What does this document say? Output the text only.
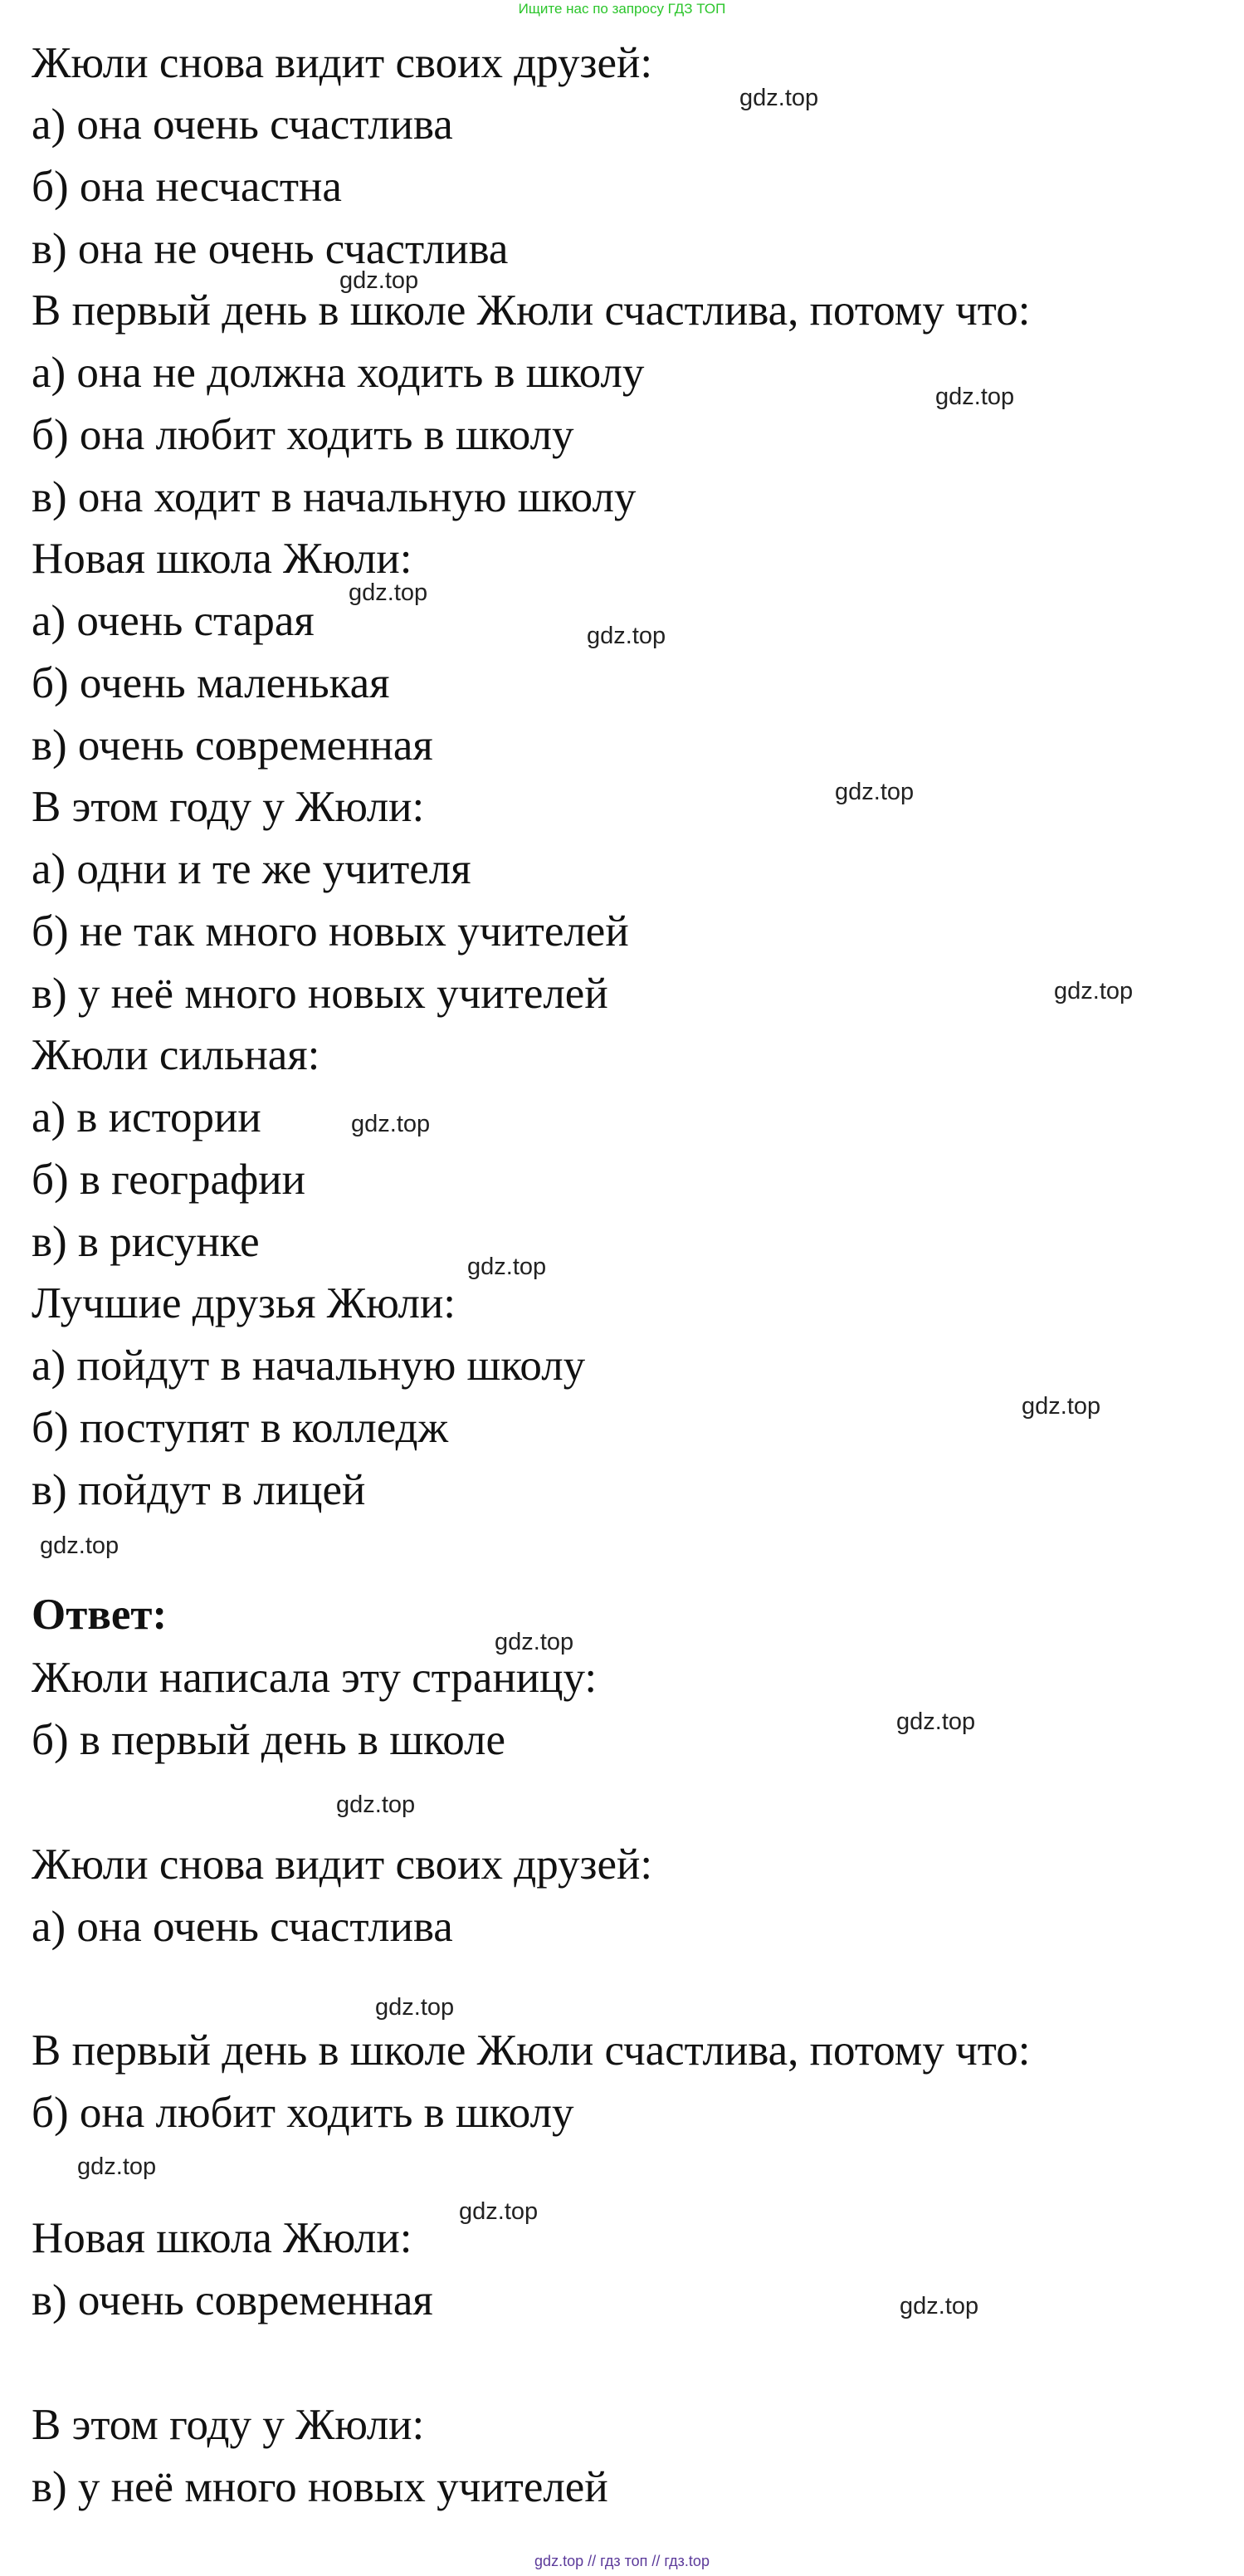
Ищите нас по запросу ГДЗ ТОП
Жюли снова видит своих друзей:
а) она очень счастлива
б) она несчастна
в) она не очень счастлива
В первый день в школе Жюли счастлива, потому что:
а) она не должна ходить в школу
б) она любит ходить в школу
в) она ходит в начальную школу
Новая школа Жюли:
а) очень старая
б) очень маленькая
в) очень современная
В этом году у Жюли:
а) одни и те же учителя
б) не так много новых учителей
в) у неё много новых учителей
Жюли сильная:
а) в истории
б) в географии
в) в рисунке
Лучшие друзья Жюли:
а) пойдут в начальную школу
б) поступят в колледж
в) пойдут в лицей
Ответ:
Жюли написала эту страницу:
б) в первый день в школе
Жюли снова видит своих друзей:
а) она очень счастлива
В первый день в школе Жюли счастлива, потому что:
б) она любит ходить в школу
Новая школа Жюли:
в) очень современная
В этом году у Жюли:
в) у неё много новых учителей
gdz.top
gdz.top
gdz.top
gdz.top
gdz.top
gdz.top
gdz.top
gdz.top
gdz.top
gdz.top
gdz.top
gdz.top
gdz.top
gdz.top
gdz.top
gdz.top
gdz.top
gdz.top
gdz.top // гдз топ // гдз.top
